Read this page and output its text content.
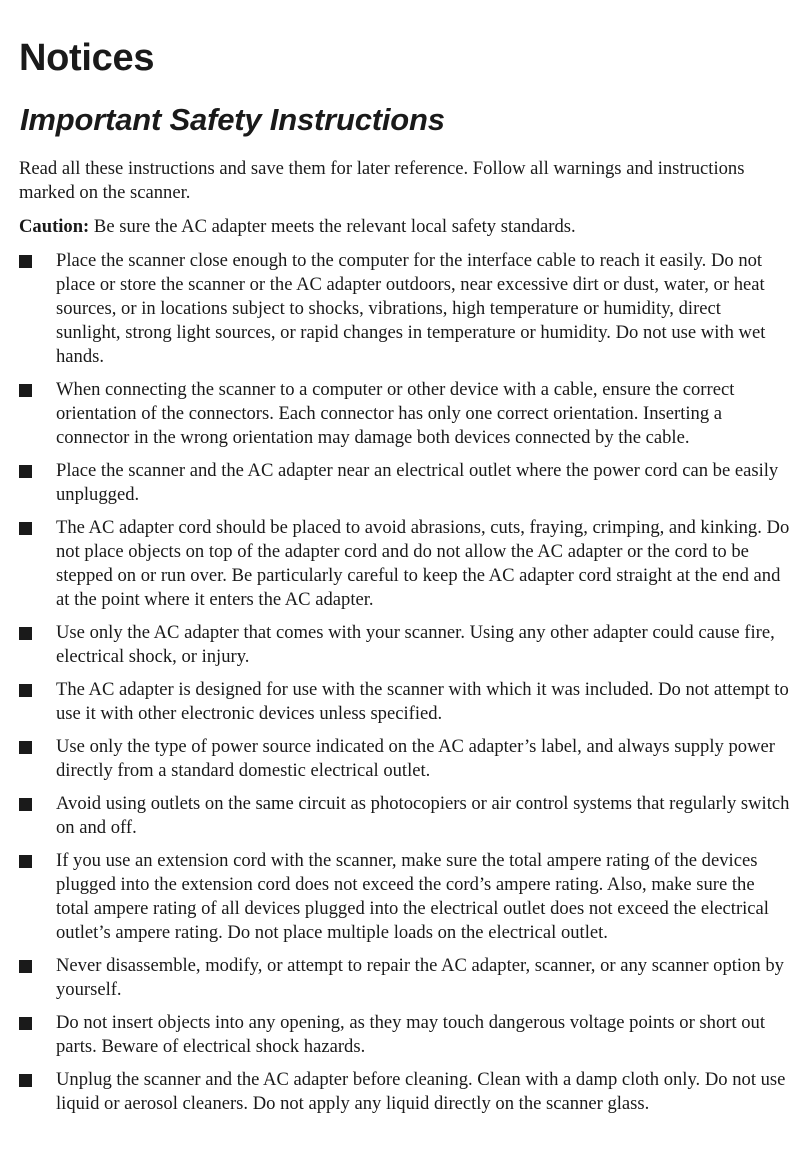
Notices
Important Safety Instructions

Read all these instructions and save them for later reference. Follow all warnings and instructions marked on the scanner.

Caution: Be sure the AC adapter meets the relevant local safety standards.

Place the scanner close enough to the computer for the interface cable to reach it easily. Do not place or store the scanner or the AC adapter outdoors, near excessive dirt or dust, water, or heat sources, or in locations subject to shocks, vibrations, high temperature or humidity, direct sunlight, strong light sources, or rapid changes in temperature or humidity. Do not use with wet hands.
When connecting the scanner to a computer or other device with a cable, ensure the correct orientation of the connectors. Each connector has only one correct orientation. Inserting a connector in the wrong orientation may damage both devices connected by the cable.
Place the scanner and the AC adapter near an electrical outlet where the power cord can be easily unplugged.
The AC adapter cord should be placed to avoid abrasions, cuts, fraying, crimping, and kinking. Do not place objects on top of the adapter cord and do not allow the AC adapter or the cord to be stepped on or run over. Be particularly careful to keep the AC adapter cord straight at the end and at the point where it enters the AC adapter.
Use only the AC adapter that comes with your scanner. Using any other adapter could cause fire, electrical shock, or injury.
The AC adapter is designed for use with the scanner with which it was included. Do not attempt to use it with other electronic devices unless specified.
Use only the type of power source indicated on the AC adapter’s label, and always supply power directly from a standard domestic electrical outlet.
Avoid using outlets on the same circuit as photocopiers or air control systems that regularly switch on and off.
If you use an extension cord with the scanner, make sure the total ampere rating of the devices plugged into the extension cord does not exceed the cord’s ampere rating. Also, make sure the total ampere rating of all devices plugged into the electrical outlet does not exceed the electrical outlet’s ampere rating. Do not place multiple loads on the electrical outlet.
Never disassemble, modify, or attempt to repair the AC adapter, scanner, or any scanner option by yourself.
Do not insert objects into any opening, as they may touch dangerous voltage points or short out parts. Beware of electrical shock hazards.
Unplug the scanner and the AC adapter before cleaning. Clean with a damp cloth only. Do not use liquid or aerosol cleaners. Do not apply any liquid directly on the scanner glass.
